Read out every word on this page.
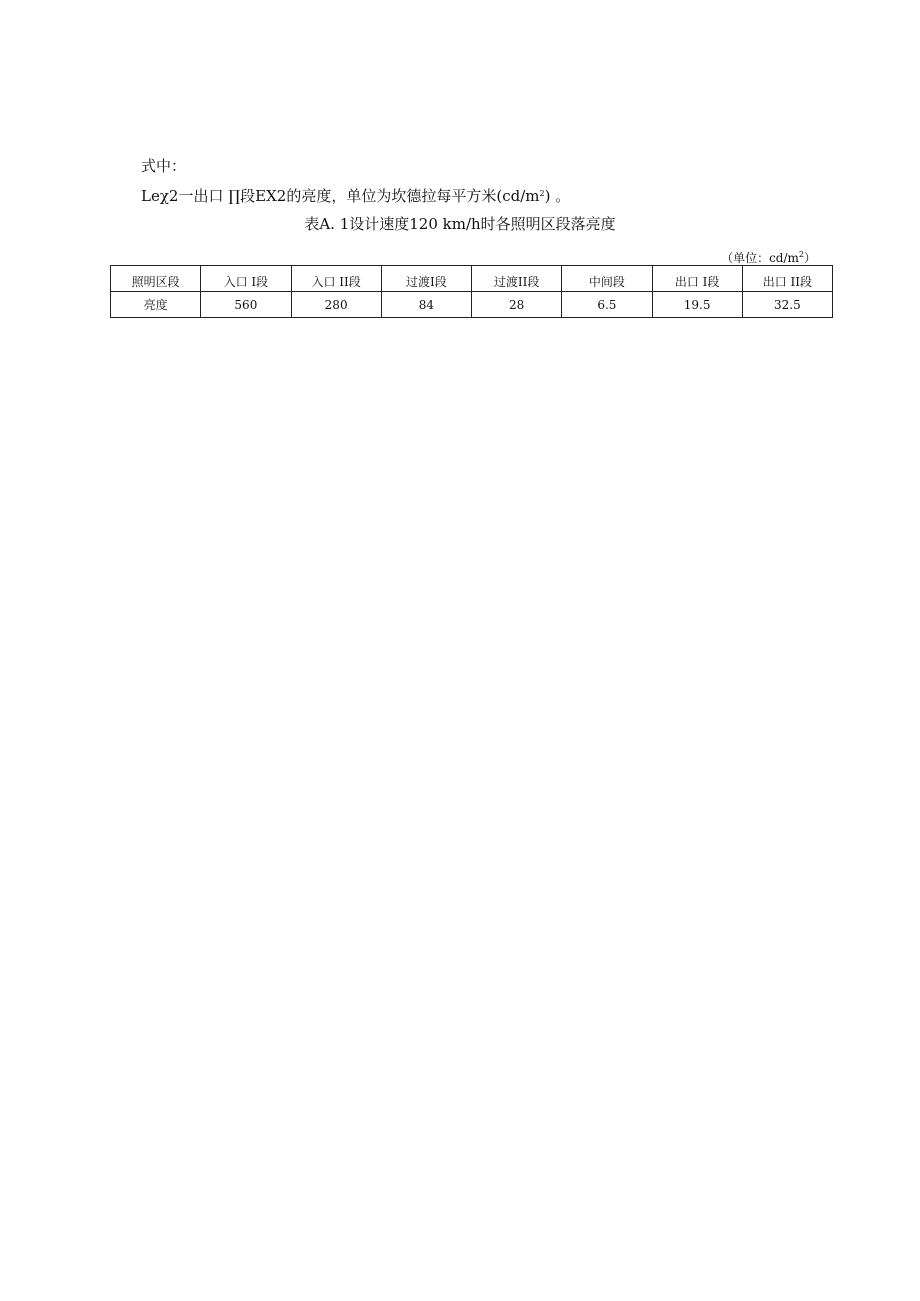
式中：
Leχ2一出口 ∏段EX2的亮度，单位为坎德拉每平方米$(cd/m^2)$ 。
表A. 1设计速度120 km/h时各照明区段落亮度
（单位：$cd/m^2$）
照明区段	入口 I段	入口 II段	过渡I段	过渡II段	中间段	出口 I段	出口 II段
亮度	560	280	84	28	6.5	19.5	32.5
